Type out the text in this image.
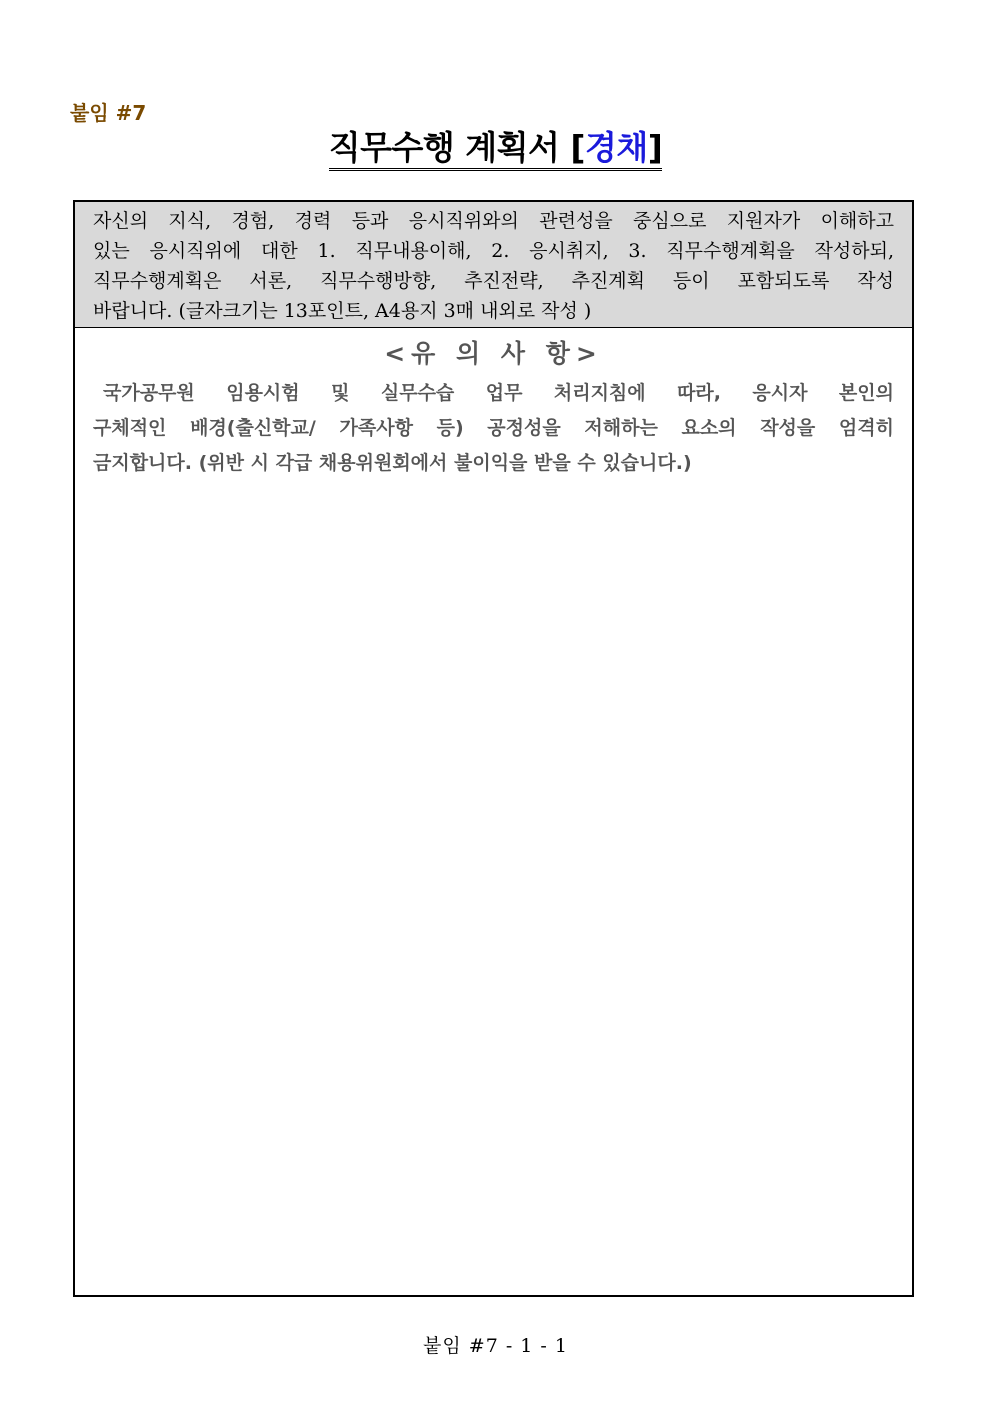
붙임 #7
직무수행 계획서 [경채]
자신의 지식, 경험, 경력 등과 응시직위와의 관련성을 중심으로 지원자가 이해하고
있는 응시직위에 대한 1. 직무내용이해, 2. 응시취지, 3. 직무수행계획을 작성하되,
직무수행계획은 서론, 직무수행방향, 추진전략, 추진계획 등이 포함되도록 작성
바랍니다. (글자크기는 13포인트, A4용지 3매 내외로 작성 )
<유 의 사 항>
국가공무원 임용시험 및 실무수습 업무 처리지침에 따라, 응시자 본인의
구체적인 배경(출신학교/ 가족사항 등) 공정성을 저해하는 요소의 작성을 엄격히
금지합니다. (위반 시 각급 채용위원회에서 불이익을 받을 수 있습니다.)
붙임 #7 - 1 - 1
